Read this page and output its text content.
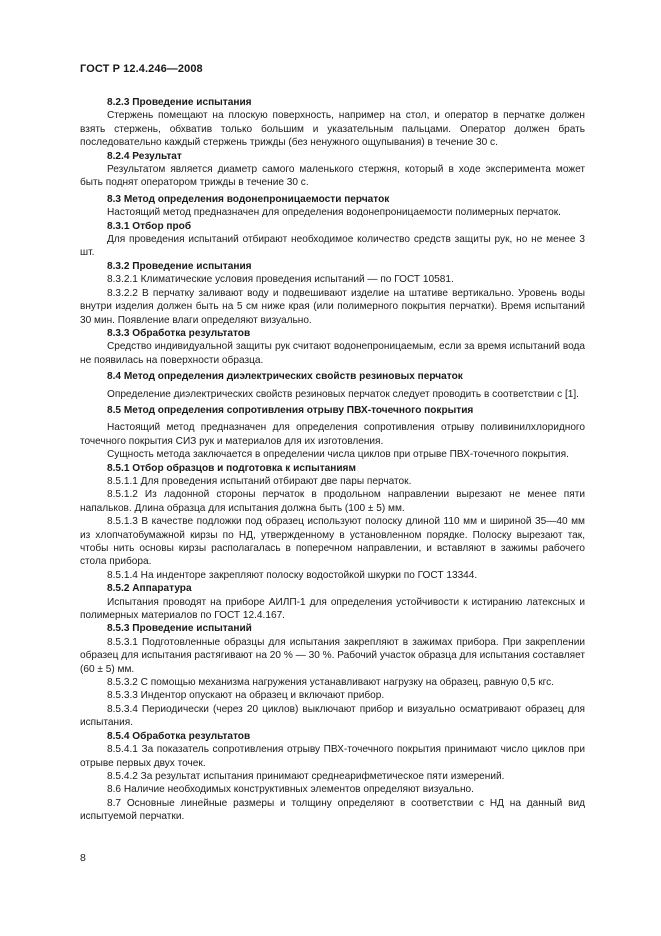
ГОСТ Р 12.4.246—2008

8.2.3 Проведение испытания

Стержень помещают на плоскую поверхность, например на стол, и оператор в перчатке должен взять стержень, обхватив только большим и указательным пальцами. Оператор должен брать последовательно каждый стержень трижды (без ненужного ощупывания) в течение 30 с.

8.2.4 Результат

Результатом является диаметр самого маленького стержня, который в ходе эксперимента может быть поднят оператором трижды в течение 30 с.

8.3 Метод определения водонепроницаемости перчаток

Настоящий метод предназначен для определения водонепроницаемости полимерных перчаток.

8.3.1 Отбор проб

Для проведения испытаний отбирают необходимое количество средств защиты рук, но не менее 3 шт.

8.3.2 Проведение испытания

8.3.2.1 Климатические условия проведения испытаний — по ГОСТ 10581.

8.3.2.2 В перчатку заливают воду и подвешивают изделие на штативе вертикально. Уровень воды внутри изделия должен быть на 5 см ниже края (или полимерного покрытия перчатки). Время испытаний 30 мин. Появление влаги определяют визуально.

8.3.3 Обработка результатов

Средство индивидуальной защиты рук считают водонепроницаемым, если за время испытаний вода не появилась на поверхности образца.

8.4 Метод определения диэлектрических свойств резиновых перчаток

Определение диэлектрических свойств резиновых перчаток следует проводить в соответствии с [1].

8.5 Метод определения сопротивления отрыву ПВХ-точечного покрытия

Настоящий метод предназначен для определения сопротивления отрыву поливинилхлоридного точечного покрытия СИЗ рук и материалов для их изготовления.

Сущность метода заключается в определении числа циклов при отрыве ПВХ-точечного покрытия.

8.5.1 Отбор образцов и подготовка к испытаниям

8.5.1.1 Для проведения испытаний отбирают две пары перчаток.

8.5.1.2 Из ладонной стороны перчаток в продольном направлении вырезают не менее пяти напальков. Длина образца для испытания должна быть (100 ± 5) мм.

8.5.1.3 В качестве подложки под образец используют полоску длиной 110 мм и шириной 35—40 мм из хлопчатобумажной кирзы по НД, утвержденному в установленном порядке. Полоску вырезают так, чтобы нить основы кирзы располагалась в поперечном направлении, и вставляют в зажимы рабочего стола прибора.

8.5.1.4 На инденторе закрепляют полоску водостойкой шкурки по ГОСТ 13344.

8.5.2 Аппаратура

Испытания проводят на приборе АИЛП-1 для определения устойчивости к истиранию латексных и полимерных материалов по ГОСТ 12.4.167.

8.5.3 Проведение испытаний

8.5.3.1 Подготовленные образцы для испытания закрепляют в зажимах прибора. При закреплении образец для испытания растягивают на 20 % — 30 %. Рабочий участок образца для испытания составляет (60 ± 5) мм.

8.5.3.2 С помощью механизма нагружения устанавливают нагрузку на образец, равную 0,5 кгс.

8.5.3.3 Индентор опускают на образец и включают прибор.

8.5.3.4 Периодически (через 20 циклов) выключают прибор и визуально осматривают образец для испытания.

8.5.4 Обработка результатов

8.5.4.1 За показатель сопротивления отрыву ПВХ-точечного покрытия принимают число циклов при отрыве первых двух точек.

8.5.4.2 За результат испытания принимают среднеарифметическое пяти измерений.

8.6 Наличие необходимых конструктивных элементов определяют визуально.

8.7 Основные линейные размеры и толщину определяют в соответствии с НД на данный вид испытуемой перчатки.

8
